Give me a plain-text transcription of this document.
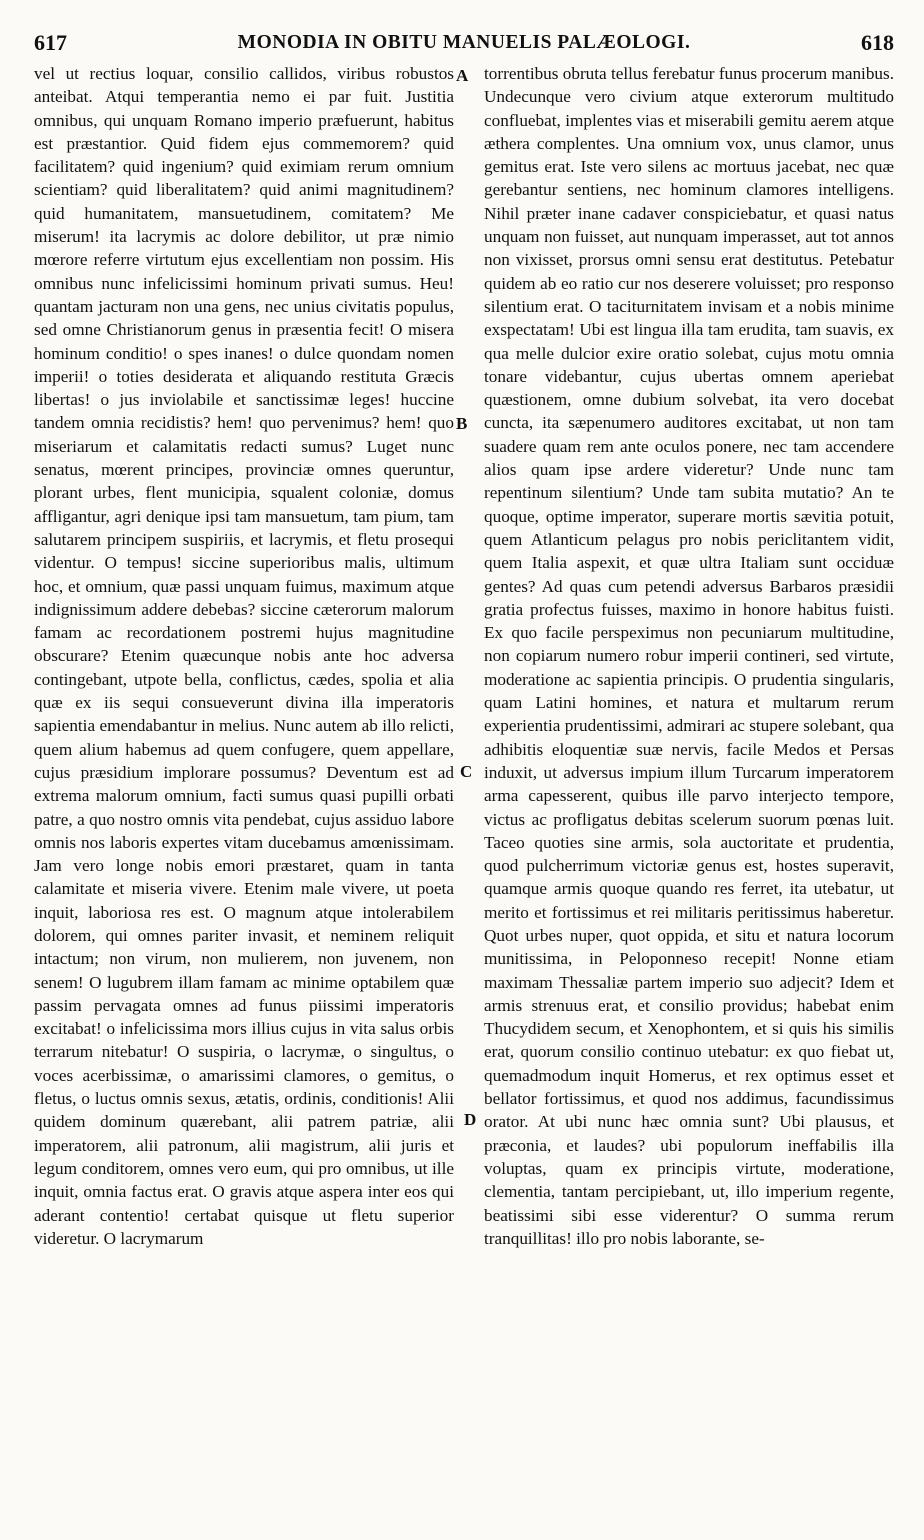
617	MONODIA IN OBITU MANUELIS PALÆOLOGI.	618

vel ut rectius loquar, consilio callidos, viribus robustos anteibat. Atqui temperantia nemo ei par fuit. Justitia omnibus, qui unquam Romano imperio præfuerunt, habitus est præstantior. Quid fidem ejus commemorem? quid facilitatem? quid ingenium? quid eximiam rerum omnium scientiam? quid liberalitatem? quid animi magnitudinem? quid humanitatem, mansuetudinem, comitatem? Me miserum! ita lacrymis ac dolore debilitor, ut præ nimio mœrore referre virtutum ejus excellentiam non possim. His omnibus nunc infelicissimi hominum privati sumus. Heu! quantam jacturam non una gens, nec unius civitatis populus, sed omne Christianorum genus in præsentia fecit! O misera hominum conditio! o spes inanes! o dulce quondam nomen imperii! o toties desiderata et aliquando restituta Græcis libertas! o jus inviolabile et sanctissimæ leges! huccine tandem omnia recidistis? hem! quo pervenimus? hem! quo miseriarum et calamitatis redacti sumus? Luget nunc senatus, mœrent principes, provinciæ omnes queruntur, plorant urbes, flent municipia, squalent coloniæ, domus affligantur, agri denique ipsi tam mansuetum, tam pium, tam salutarem principem suspiriis, et lacrymis, et fletu prosequi videntur. O tempus! siccine superioribus malis, ultimum hoc, et omnium, quæ passi unquam fuimus, maximum atque indignissimum addere debebas? siccine cæterorum malorum famam ac recordationem postremi hujus magnitudine obscurare? Etenim quæcunque nobis ante hoc adversa contingebant, utpote bella, conflictus, cædes, spolia et alia quæ ex iis sequi consueverunt divina illa imperatoris sapientia emendabantur in melius. Nunc autem ab illo relicti, quem alium habemus ad quem confugere, quem appellare, cujus præsidium implorare possumus? Deventum est ad extrema malorum omnium, facti sumus quasi pupilli orbati patre, a quo nostro omnis vita pendebat, cujus assiduo labore omnis nos laboris expertes vitam ducebamus amœnissimam. Jam vero longe nobis emori præstaret, quam in tanta calamitate et miseria vivere. Etenim male vivere, ut poeta inquit, laboriosa res est. O magnum atque intolerabilem dolorem, qui omnes pariter invasit, et neminem reliquit intactum; non virum, non mulierem, non juvenem, non senem! O lugubrem illam famam ac minime optabilem quæ passim pervagata omnes ad funus piissimi imperatoris excitabat! o infelicissima mors illius cujus in vita salus orbis terrarum nitebatur! O suspiria, o lacrymæ, o singultus, o voces acerbissimæ, o amarissimi clamores, o gemitus, o fletus, o luctus omnis sexus, ætatis, ordinis, conditionis! Alii quidem dominum quærebant, alii patrem patriæ, alii imperatorem, alii patronum, alii magistrum, alii juris et legum conditorem, omnes vero eum, qui pro omnibus, ut ille inquit, omnia factus erat. O gravis atque aspera inter eos qui aderant contentio! certabat quisque ut fletu superior videretur. O lacrymarum

A
B
C
D

torrentibus obruta tellus ferebatur funus procerum manibus. Undecunque vero civium atque exterorum multitudo confluebat, implentes vias et miserabili gemitu aerem atque æthera complentes. Una omnium vox, unus clamor, unus gemitus erat. Iste vero silens ac mortuus jacebat, nec quæ gerebantur sentiens, nec hominum clamores intelligens. Nihil præter inane cadaver conspiciebatur, et quasi natus unquam non fuisset, aut nunquam imperasset, aut tot annos non vixisset, prorsus omni sensu erat destitutus. Petebatur quidem ab eo ratio cur nos deserere voluisset; pro responso silentium erat. O taciturnitatem invisam et a nobis minime exspectatam! Ubi est lingua illa tam erudita, tam suavis, ex qua melle dulcior exire oratio solebat, cujus motu omnia tonare videbantur, cujus ubertas omnem aperiebat quæstionem, omne dubium solvebat, ita vero docebat cuncta, ita sæpenumero auditores excitabat, ut non tam suadere quam rem ante oculos ponere, nec tam accendere alios quam ipse ardere videretur? Unde nunc tam repentinum silentium? Unde tam subita mutatio? An te quoque, optime imperator, superare mortis sævitia potuit, quem Atlanticum pelagus pro nobis periclitantem vidit, quem Italia aspexit, et quæ ultra Italiam sunt occiduæ gentes? Ad quas cum petendi adversus Barbaros præsidii gratia profectus fuisses, maximo in honore habitus fuisti. Ex quo facile perspeximus non pecuniarum multitudine, non copiarum numero robur imperii contineri, sed virtute, moderatione ac sapientia principis. O prudentia singularis, quam Latini homines, et natura et multarum rerum experientia prudentissimi, admirari ac stupere solebant, qua adhibitis eloquentiæ suæ nervis, facile Medos et Persas induxit, ut adversus impium illum Turcarum imperatorem arma capesserent, quibus ille parvo interjecto tempore, victus ac profligatus debitas scelerum suorum pœnas luit. Taceo quoties sine armis, sola auctoritate et prudentia, quod pulcherrimum victoriæ genus est, hostes superavit, quamque armis quoque quando res ferret, ita utebatur, ut merito et fortissimus et rei militaris peritissimus haberetur. Quot urbes nuper, quot oppida, et situ et natura locorum munitissima, in Peloponneso recepit! Nonne etiam maximam Thessaliæ partem imperio suo adjecit? Idem et armis strenuus erat, et consilio providus; habebat enim Thucydidem secum, et Xenophontem, et si quis his similis erat, quorum consilio continuo utebatur: ex quo fiebat ut, quemadmodum inquit Homerus, et rex optimus esset et bellator fortissimus, et quod nos addimus, facundissimus orator. At ubi nunc hæc omnia sunt? Ubi plausus, et præconia, et laudes? ubi populorum ineffabilis illa voluptas, quam ex principis virtute, moderatione, clementia, tantam percipiebant, ut, illo imperium regente, beatissimi sibi esse viderentur? O summa rerum tranquillitas! illo pro nobis laborante, se-
